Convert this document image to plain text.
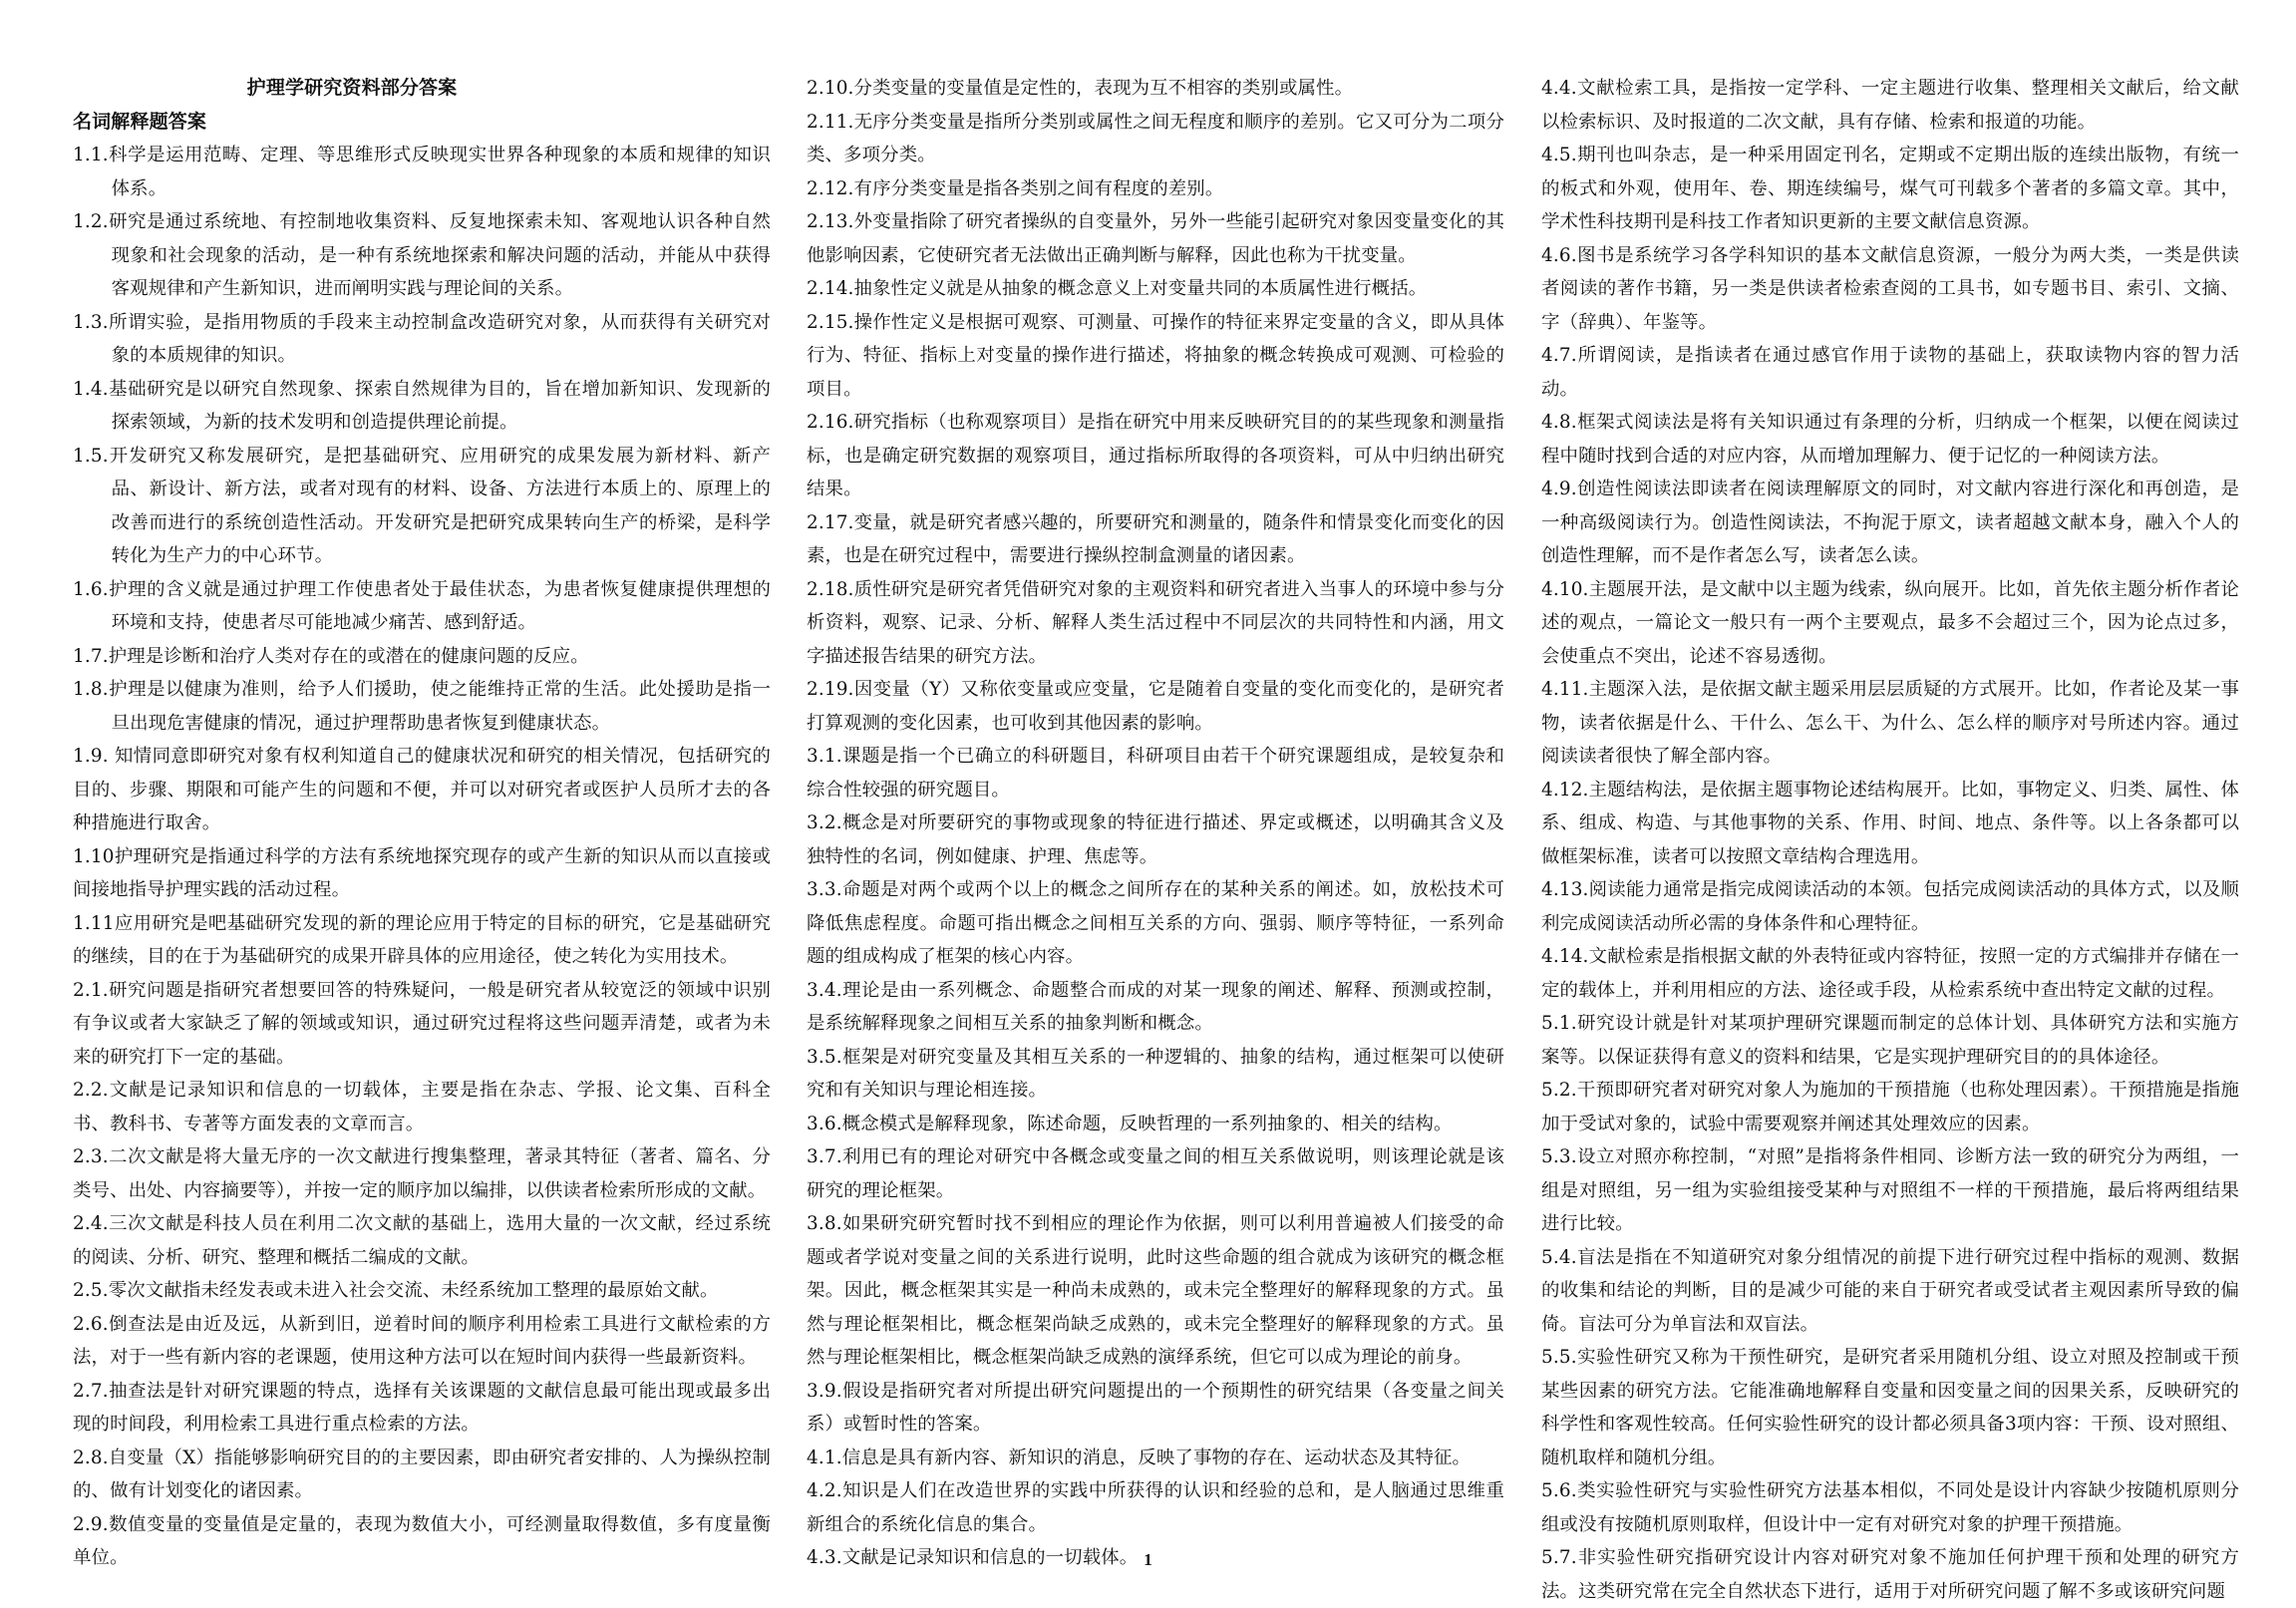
护理学研究资料部分答案
名词解释题答案

1.1.科学是运用范畴、定理、等思维形式反映现实世界各种现象的本质和规律的知识体系。

1.2.研究是通过系统地、有控制地收集资料、反复地探索未知、客观地认识各种自然现象和社会现象的活动，是一种有系统地探索和解决问题的活动，并能从中获得客观规律和产生新知识，进而阐明实践与理论间的关系。

1.3.所谓实验，是指用物质的手段来主动控制盒改造研究对象，从而获得有关研究对象的本质规律的知识。

1.4.基础研究是以研究自然现象、探索自然规律为目的，旨在增加新知识、发现新的探索领域，为新的技术发明和创造提供理论前提。

1.5.开发研究又称发展研究，是把基础研究、应用研究的成果发展为新材料、新产品、新设计、新方法，或者对现有的材料、设备、方法进行本质上的、原理上的改善而进行的系统创造性活动。开发研究是把研究成果转向生产的桥梁，是科学转化为生产力的中心环节。

1.6.护理的含义就是通过护理工作使患者处于最佳状态，为患者恢复健康提供理想的环境和支持，使患者尽可能地减少痛苦、感到舒适。

1.7.护理是诊断和治疗人类对存在的或潜在的健康问题的反应。

1.8.护理是以健康为准则，给予人们援助，使之能维持正常的生活。此处援助是指一旦出现危害健康的情况，通过护理帮助患者恢复到健康状态。

1.9. 知情同意即研究对象有权利知道自己的健康状况和研究的相关情况，包括研究的目的、步骤、期限和可能产生的问题和不便，并可以对研究者或医护人员所才去的各种措施进行取舍。

1.10护理研究是指通过科学的方法有系统地探究现存的或产生新的知识从而以直接或间接地指导护理实践的活动过程。

1.11应用研究是吧基础研究发现的新的理论应用于特定的目标的研究，它是基础研究的继续，目的在于为基础研究的成果开辟具体的应用途径，使之转化为实用技术。

2.1.研究问题是指研究者想要回答的特殊疑问，一般是研究者从较宽泛的领域中识别有争议或者大家缺乏了解的领域或知识，通过研究过程将这些问题弄清楚，或者为未来的研究打下一定的基础。

2.2.文献是记录知识和信息的一切载体，主要是指在杂志、学报、论文集、百科全书、教科书、专著等方面发表的文章而言。

2.3.二次文献是将大量无序的一次文献进行搜集整理，著录其特征（著者、篇名、分类号、出处、内容摘要等），并按一定的顺序加以编排，以供读者检索所形成的文献。

2.4.三次文献是科技人员在利用二次文献的基础上，选用大量的一次文献，经过系统的阅读、分析、研究、整理和概括二编成的文献。

2.5.零次文献指未经发表或未进入社会交流、未经系统加工整理的最原始文献。

2.6.倒查法是由近及远，从新到旧，逆着时间的顺序利用检索工具进行文献检索的方法，对于一些有新内容的老课题，使用这种方法可以在短时间内获得一些最新资料。

2.7.抽查法是针对研究课题的特点，选择有关该课题的文献信息最可能出现或最多出现的时间段，利用检索工具进行重点检索的方法。

2.8.自变量（X）指能够影响研究目的的主要因素，即由研究者安排的、人为操纵控制的、做有计划变化的诸因素。

2.9.数值变量的变量值是定量的，表现为数值大小，可经测量取得数值，多有度量衡单位。

2.10.分类变量的变量值是定性的，表现为互不相容的类别或属性。

2.11.无序分类变量是指所分类别或属性之间无程度和顺序的差别。它又可分为二项分类、多项分类。

2.12.有序分类变量是指各类别之间有程度的差别。

2.13.外变量指除了研究者操纵的自变量外，另外一些能引起研究对象因变量变化的其他影响因素，它使研究者无法做出正确判断与解释，因此也称为干扰变量。

2.14.抽象性定义就是从抽象的概念意义上对变量共同的本质属性进行概括。

2.15.操作性定义是根据可观察、可测量、可操作的特征来界定变量的含义，即从具体行为、特征、指标上对变量的操作进行描述，将抽象的概念转换成可观测、可检验的项目。

2.16.研究指标（也称观察项目）是指在研究中用来反映研究目的的某些现象和测量指标，也是确定研究数据的观察项目，通过指标所取得的各项资料，可从中归纳出研究结果。

2.17.变量，就是研究者感兴趣的，所要研究和测量的，随条件和情景变化而变化的因素，也是在研究过程中，需要进行操纵控制盒测量的诸因素。

2.18.质性研究是研究者凭借研究对象的主观资料和研究者进入当事人的环境中参与分析资料，观察、记录、分析、解释人类生活过程中不同层次的共同特性和内涵，用文字描述报告结果的研究方法。

2.19.因变量（Y）又称依变量或应变量，它是随着自变量的变化而变化的，是研究者打算观测的变化因素，也可收到其他因素的影响。

3.1.课题是指一个已确立的科研题目，科研项目由若干个研究课题组成，是较复杂和综合性较强的研究题目。

3.2.概念是对所要研究的事物或现象的特征进行描述、界定或概述，以明确其含义及独特性的名词，例如健康、护理、焦虑等。

3.3.命题是对两个或两个以上的概念之间所存在的某种关系的阐述。如，放松技术可降低焦虑程度。命题可指出概念之间相互关系的方向、强弱、顺序等特征，一系列命题的组成构成了框架的核心内容。

3.4.理论是由一系列概念、命题整合而成的对某一现象的阐述、解释、预测或控制，是系统解释现象之间相互关系的抽象判断和概念。

3.5.框架是对研究变量及其相互关系的一种逻辑的、抽象的结构，通过框架可以使研究和有关知识与理论相连接。

3.6.概念模式是解释现象，陈述命题，反映哲理的一系列抽象的、相关的结构。

3.7.利用已有的理论对研究中各概念或变量之间的相互关系做说明，则该理论就是该研究的理论框架。

3.8.如果研究研究暂时找不到相应的理论作为依据，则可以利用普遍被人们接受的命题或者学说对变量之间的关系进行说明，此时这些命题的组合就成为该研究的概念框架。因此，概念框架其实是一种尚未成熟的，或未完全整理好的解释现象的方式。虽然与理论框架相比，概念框架尚缺乏成熟的，或未完全整理好的解释现象的方式。虽然与理论框架相比，概念框架尚缺乏成熟的演绎系统，但它可以成为理论的前身。

3.9.假设是指研究者对所提出研究问题提出的一个预期性的研究结果（各变量之间关系）或暂时性的答案。

4.1.信息是具有新内容、新知识的消息，反映了事物的存在、运动状态及其特征。

4.2.知识是人们在改造世界的实践中所获得的认识和经验的总和，是人脑通过思维重新组合的系统化信息的集合。

4.3.文献是记录知识和信息的一切载体。

4.4.文献检索工具，是指按一定学科、一定主题进行收集、整理相关文献后，给文献以检索标识、及时报道的二次文献，具有存储、检索和报道的功能。

4.5.期刊也叫杂志，是一种采用固定刊名，定期或不定期出版的连续出版物，有统一的板式和外观，使用年、卷、期连续编号，煤气可刊载多个著者的多篇文章。其中，学术性科技期刊是科技工作者知识更新的主要文献信息资源。

4.6.图书是系统学习各学科知识的基本文献信息资源，一般分为两大类，一类是供读者阅读的著作书籍，另一类是供读者检索查阅的工具书，如专题书目、索引、文摘、字（辞典）、年鉴等。

4.7.所谓阅读，是指读者在通过感官作用于读物的基础上，获取读物内容的智力活动。

4.8.框架式阅读法是将有关知识通过有条理的分析，归纳成一个框架，以便在阅读过程中随时找到合适的对应内容，从而增加理解力、便于记忆的一种阅读方法。

4.9.创造性阅读法即读者在阅读理解原文的同时，对文献内容进行深化和再创造，是一种高级阅读行为。创造性阅读法，不拘泥于原文，读者超越文献本身，融入个人的创造性理解，而不是作者怎么写，读者怎么读。

4.10.主题展开法，是文献中以主题为线索，纵向展开。比如，首先依主题分析作者论述的观点，一篇论文一般只有一两个主要观点，最多不会超过三个，因为论点过多，会使重点不突出，论述不容易透彻。

4.11.主题深入法，是依据文献主题采用层层质疑的方式展开。比如，作者论及某一事物，读者依据是什么、干什么、怎么干、为什么、怎么样的顺序对号所述内容。通过阅读读者很快了解全部内容。

4.12.主题结构法，是依据主题事物论述结构展开。比如，事物定义、归类、属性、体系、组成、构造、与其他事物的关系、作用、时间、地点、条件等。以上各条都可以做框架标准，读者可以按照文章结构合理选用。

4.13.阅读能力通常是指完成阅读活动的本领。包括完成阅读活动的具体方式，以及顺利完成阅读活动所必需的身体条件和心理特征。

4.14.文献检索是指根据文献的外表特征或内容特征，按照一定的方式编排并存储在一定的载体上，并利用相应的方法、途径或手段，从检索系统中查出特定文献的过程。

5.1.研究设计就是针对某项护理研究课题而制定的总体计划、具体研究方法和实施方案等。以保证获得有意义的资料和结果，它是实现护理研究目的的具体途径。

5.2.干预即研究者对研究对象人为施加的干预措施（也称处理因素）。干预措施是指施加于受试对象的，试验中需要观察并阐述其处理效应的因素。

5.3.设立对照亦称控制，“对照”是指将条件相同、诊断方法一致的研究分为两组，一组是对照组，另一组为实验组接受某种与对照组不一样的干预措施，最后将两组结果进行比较。

5.4.盲法是指在不知道研究对象分组情况的前提下进行研究过程中指标的观测、数据的收集和结论的判断，目的是减少可能的来自于研究者或受试者主观因素所导致的偏倚。盲法可分为单盲法和双盲法。

5.5.实验性研究又称为干预性研究，是研究者采用随机分组、设立对照及控制或干预某些因素的研究方法。它能准确地解释自变量和因变量之间的因果关系，反映研究的科学性和客观性较高。任何实验性研究的设计都必须具备3项内容：干预、设对照组、随机取样和随机分组。

5.6.类实验性研究与实验性研究方法基本相似，不同处是设计内容缺少按随机原则分组或没有按随机原则取样，但设计中一定有对研究对象的护理干预措施。

5.7.非实验性研究指研究设计内容对研究对象不施加任何护理干预和处理的研究方法。这类研究常在完全自然状态下进行，适用于对所研究问题了解不多或该研究问题

1
